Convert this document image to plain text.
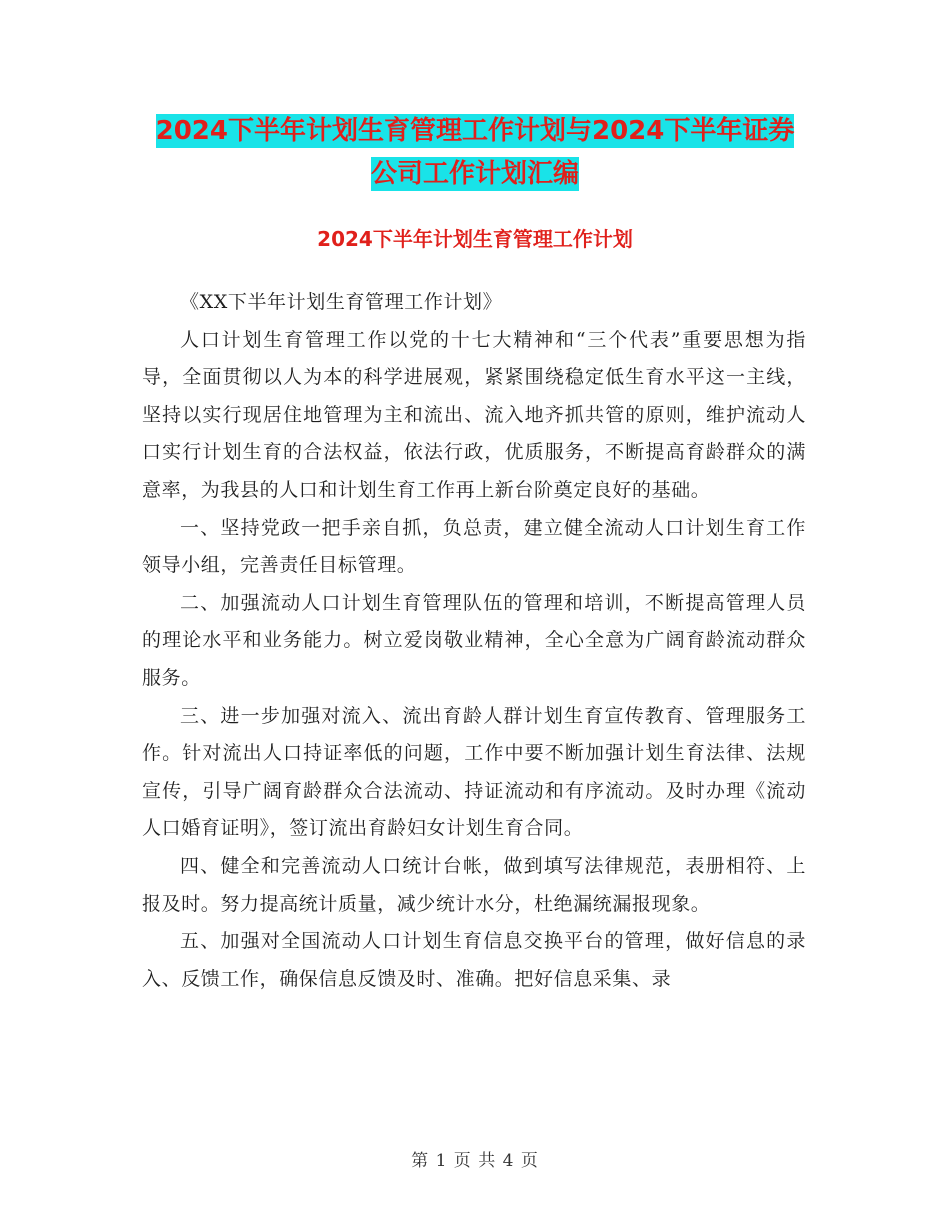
2024下半年计划生育管理工作计划与2024下半年证券
公司工作计划汇编
2024下半年计划生育管理工作计划

《XX下半年计划生育管理工作计划》

人口计划生育管理工作以党的十七大精神和“三个代表”重要思想为指导，全面贯彻以人为本的科学进展观，紧紧围绕稳定低生育水平这一主线，坚持以实行现居住地管理为主和流出、流入地齐抓共管的原则，维护流动人口实行计划生育的合法权益，依法行政，优质服务，不断提高育龄群众的满意率，为我县的人口和计划生育工作再上新台阶奠定良好的基础。

一、坚持党政一把手亲自抓，负总责，建立健全流动人口计划生育工作领导小组，完善责任目标管理。

二、加强流动人口计划生育管理队伍的管理和培训，不断提高管理人员的理论水平和业务能力。树立爱岗敬业精神，全心全意为广阔育龄流动群众服务。

三、进一步加强对流入、流出育龄人群计划生育宣传教育、管理服务工作。针对流出人口持证率低的问题，工作中要不断加强计划生育法律、法规宣传，引导广阔育龄群众合法流动、持证流动和有序流动。及时办理《流动人口婚育证明》，签订流出育龄妇女计划生育合同。

四、健全和完善流动人口统计台帐，做到填写法律规范，表册相符、上报及时。努力提高统计质量，减少统计水分，杜绝漏统漏报现象。

五、加强对全国流动人口计划生育信息交换平台的管理，做好信息的录入、反馈工作，确保信息反馈及时、准确。把好信息采集、录

第 1 页 共 4 页
